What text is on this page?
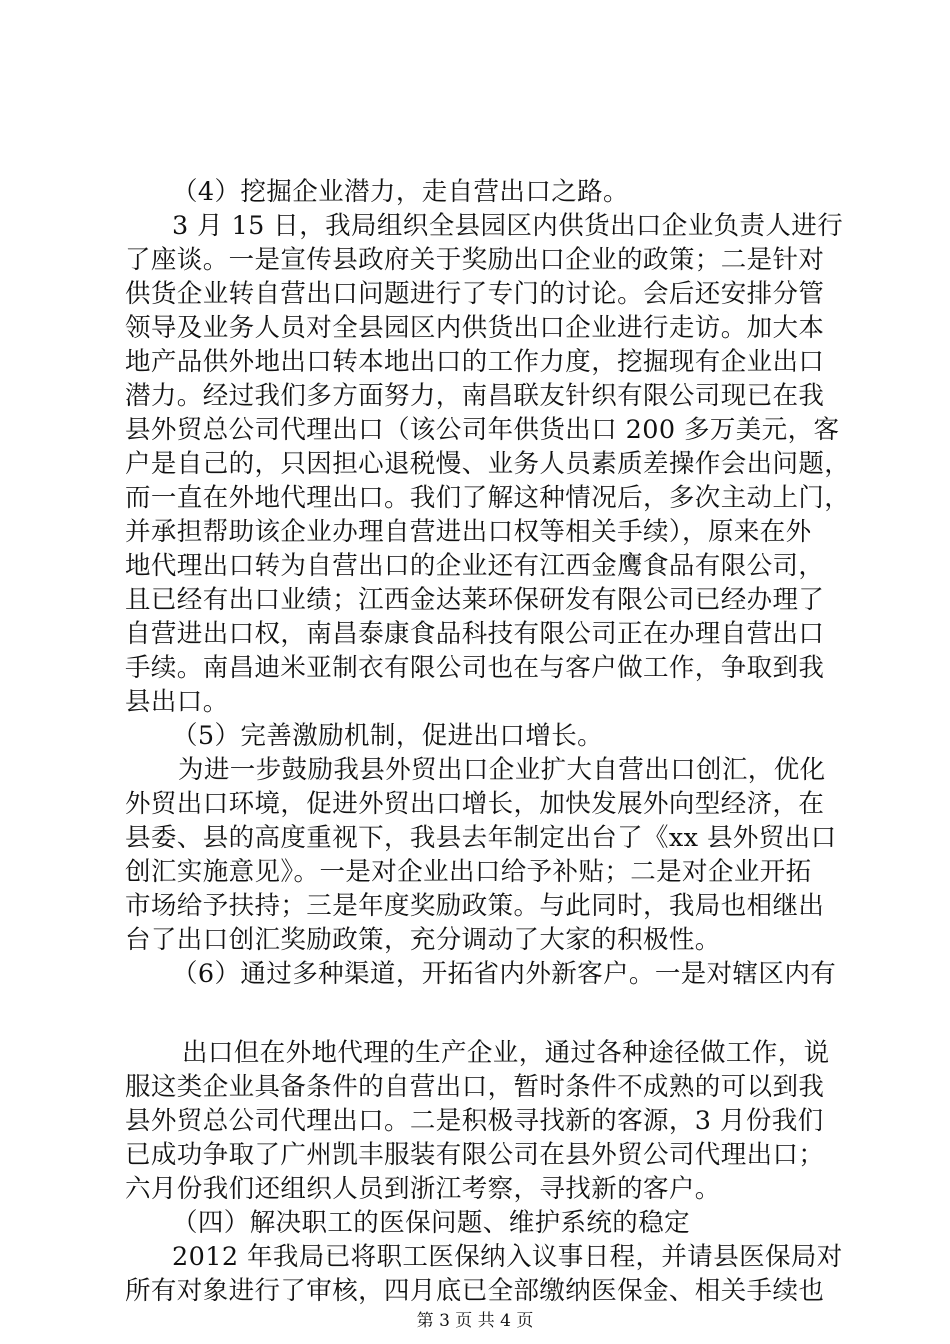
（4）挖掘企业潜力，走自营出口之路。
3 月 15 日，我局组织全县园区内供货出口企业负责人进行
了座谈。一是宣传县政府关于奖励出口企业的政策；二是针对
供货企业转自营出口问题进行了专门的讨论。会后还安排分管
领导及业务人员对全县园区内供货出口企业进行走访。加大本
地产品供外地出口转本地出口的工作力度，挖掘现有企业出口
潜力。经过我们多方面努力，南昌联友针织有限公司现已在我
县外贸总公司代理出口（该公司年供货出口 200 多万美元，客
户是自己的，只因担心退税慢、业务人员素质差操作会出问题，
而一直在外地代理出口。我们了解这种情况后，多次主动上门，
并承担帮助该企业办理自营进出口权等相关手续），原来在外
地代理出口转为自营出口的企业还有江西金鹰食品有限公司，
且已经有出口业绩；江西金达莱环保研发有限公司已经办理了
自营进出口权，南昌泰康食品科技有限公司正在办理自营出口
手续。南昌迪米亚制衣有限公司也在与客户做工作，争取到我
县出口。
（5）完善激励机制，促进出口增长。
为进一步鼓励我县外贸出口企业扩大自营出口创汇，优化
外贸出口环境，促进外贸出口增长，加快发展外向型经济，在
县委、县的高度重视下，我县去年制定出台了《xx 县外贸出口
创汇实施意见》。一是对企业出口给予补贴；二是对企业开拓
市场给予扶持；三是年度奖励政策。与此同时，我局也相继出
台了出口创汇奖励政策，充分调动了大家的积极性。
（6）通过多种渠道，开拓省内外新客户。一是对辖区内有
出口但在外地代理的生产企业，通过各种途径做工作，说
服这类企业具备条件的自营出口，暂时条件不成熟的可以到我
县外贸总公司代理出口。二是积极寻找新的客源，3 月份我们
已成功争取了广州凯丰服装有限公司在县外贸公司代理出口；
六月份我们还组织人员到浙江考察，寻找新的客户。
（四）解决职工的医保问题、维护系统的稳定
2012 年我局已将职工医保纳入议事日程，并请县医保局对
所有对象进行了审核，四月底已全部缴纳医保金、相关手续也
第 3 页 共 4 页
